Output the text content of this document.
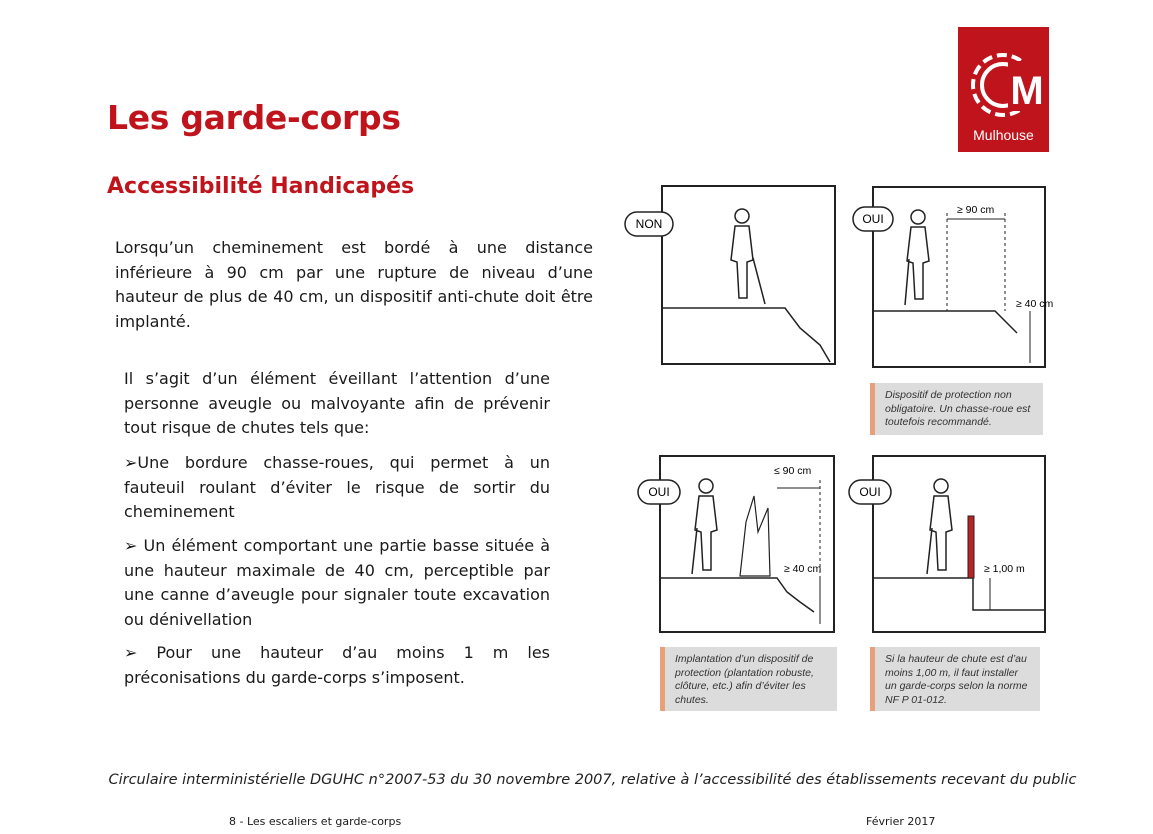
Les garde-corps
Accessibilité Handicapés
M
Mulhouse
Lorsqu’un cheminement est bordé à une distance inférieure à 90 cm par une rupture de niveau d’une hauteur de plus de 40 cm, un dispositif anti-chute doit être implanté.
Il s’agit d’un élément éveillant l’attention d’une personne aveugle ou malvoyante afin de prévenir tout risque de chutes tels que:
➢Une bordure chasse-roues, qui permet à un fauteuil roulant d’éviter le risque de sortir du cheminement
➢ Un élément comportant une partie basse située à une hauteur maximale de 40 cm, perceptible par une canne d’aveugle pour signaler toute excavation ou dénivellation
➢ Pour une hauteur d’au moins 1 m les préconisations du garde-corps s’imposent.
NON
≥ 90 cm
≥ 40 cm
OUI
Dispositif de protection non obligatoire. Un chasse-roue est toutefois recommandé.
≤ 90 cm
≥ 40 cm
OUI
Implantation d’un dispositif de protection (plantation robuste, clôture, etc.) afin d’éviter les chutes.
≥ 1,00 m
OUI
Si la hauteur de chute est d’au moins 1,00 m, il faut installer un garde-corps selon la norme NF P 01-012.
Circulaire interministérielle DGUHC n°2007-53 du 30 novembre 2007, relative à l’accessibilité des établissements recevant du public
8 - Les escaliers et garde-corps	Février 2017
